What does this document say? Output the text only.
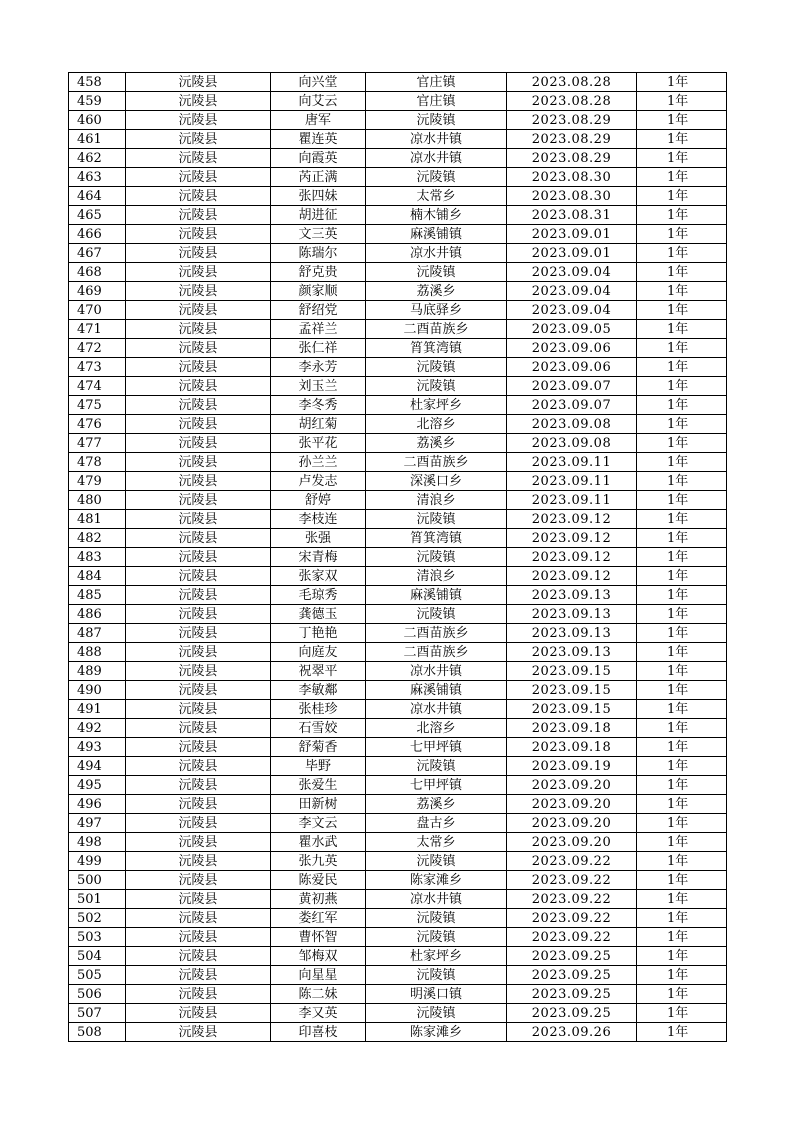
458	沅陵县	向兴堂	官庄镇	2023.08.28	1年
459	沅陵县	向艾云	官庄镇	2023.08.28	1年
460	沅陵县	唐军	沅陵镇	2023.08.29	1年
461	沅陵县	瞿连英	凉水井镇	2023.08.29	1年
462	沅陵县	向霞英	凉水井镇	2023.08.29	1年
463	沅陵县	芮正满	沅陵镇	2023.08.30	1年
464	沅陵县	张四妹	太常乡	2023.08.30	1年
465	沅陵县	胡进征	楠木铺乡	2023.08.31	1年
466	沅陵县	文三英	麻溪铺镇	2023.09.01	1年
467	沅陵县	陈瑞尔	凉水井镇	2023.09.01	1年
468	沅陵县	舒克贵	沅陵镇	2023.09.04	1年
469	沅陵县	颜家顺	荔溪乡	2023.09.04	1年
470	沅陵县	舒绍党	马底驿乡	2023.09.04	1年
471	沅陵县	孟祥兰	二酉苗族乡	2023.09.05	1年
472	沅陵县	张仁祥	筲箕湾镇	2023.09.06	1年
473	沅陵县	李永芳	沅陵镇	2023.09.06	1年
474	沅陵县	刘玉兰	沅陵镇	2023.09.07	1年
475	沅陵县	李冬秀	杜家坪乡	2023.09.07	1年
476	沅陵县	胡红菊	北溶乡	2023.09.08	1年
477	沅陵县	张平花	荔溪乡	2023.09.08	1年
478	沅陵县	孙兰兰	二酉苗族乡	2023.09.11	1年
479	沅陵县	卢发志	深溪口乡	2023.09.11	1年
480	沅陵县	舒婷	清浪乡	2023.09.11	1年
481	沅陵县	李枝连	沅陵镇	2023.09.12	1年
482	沅陵县	张强	筲箕湾镇	2023.09.12	1年
483	沅陵县	宋青梅	沅陵镇	2023.09.12	1年
484	沅陵县	张家双	清浪乡	2023.09.12	1年
485	沅陵县	毛琼秀	麻溪铺镇	2023.09.13	1年
486	沅陵县	龚德玉	沅陵镇	2023.09.13	1年
487	沅陵县	丁艳艳	二酉苗族乡	2023.09.13	1年
488	沅陵县	向庭友	二酉苗族乡	2023.09.13	1年
489	沅陵县	祝翠平	凉水井镇	2023.09.15	1年
490	沅陵县	李敏鄰	麻溪铺镇	2023.09.15	1年
491	沅陵县	张桂珍	凉水井镇	2023.09.15	1年
492	沅陵县	石雪姣	北溶乡	2023.09.18	1年
493	沅陵县	舒菊香	七甲坪镇	2023.09.18	1年
494	沅陵县	毕野	沅陵镇	2023.09.19	1年
495	沅陵县	张爱生	七甲坪镇	2023.09.20	1年
496	沅陵县	田新树	荔溪乡	2023.09.20	1年
497	沅陵县	李文云	盘古乡	2023.09.20	1年
498	沅陵县	瞿水武	太常乡	2023.09.20	1年
499	沅陵县	张九英	沅陵镇	2023.09.22	1年
500	沅陵县	陈爱民	陈家滩乡	2023.09.22	1年
501	沅陵县	黄初燕	凉水井镇	2023.09.22	1年
502	沅陵县	娄红军	沅陵镇	2023.09.22	1年
503	沅陵县	曹怀智	沅陵镇	2023.09.22	1年
504	沅陵县	邹梅双	杜家坪乡	2023.09.25	1年
505	沅陵县	向星星	沅陵镇	2023.09.25	1年
506	沅陵县	陈二妹	明溪口镇	2023.09.25	1年
507	沅陵县	李又英	沅陵镇	2023.09.25	1年
508	沅陵县	印喜枝	陈家滩乡	2023.09.26	1年
